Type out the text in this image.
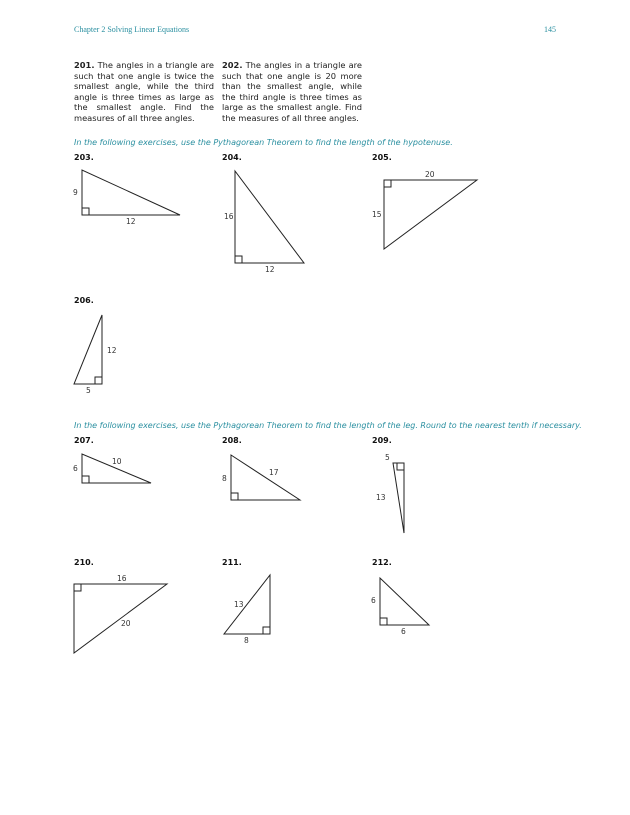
Chapter 2 Solving Linear Equations	145
201. The angles in a triangle are such that one angle is twice the smallest angle, while the third angle is three times as large as the smallest angle. Find the measures of all three angles.
202. The angles in a triangle are such that one angle is 20 more than the smallest angle, while the third angle is three times as large as the smallest angle. Find the measures of all three angles.
In the following exercises, use the Pythagorean Theorem to find the length of the hypotenuse.
203.	204.	205.
206.
In the following exercises, use the Pythagorean Theorem to find the length of the leg. Round to the nearest tenth if necessary.
207.	208.	209.
210.	211.	212.
9
12
16
12
20
15
12
5
6
10
8
17
5
13
16
20
13
8
6
6
